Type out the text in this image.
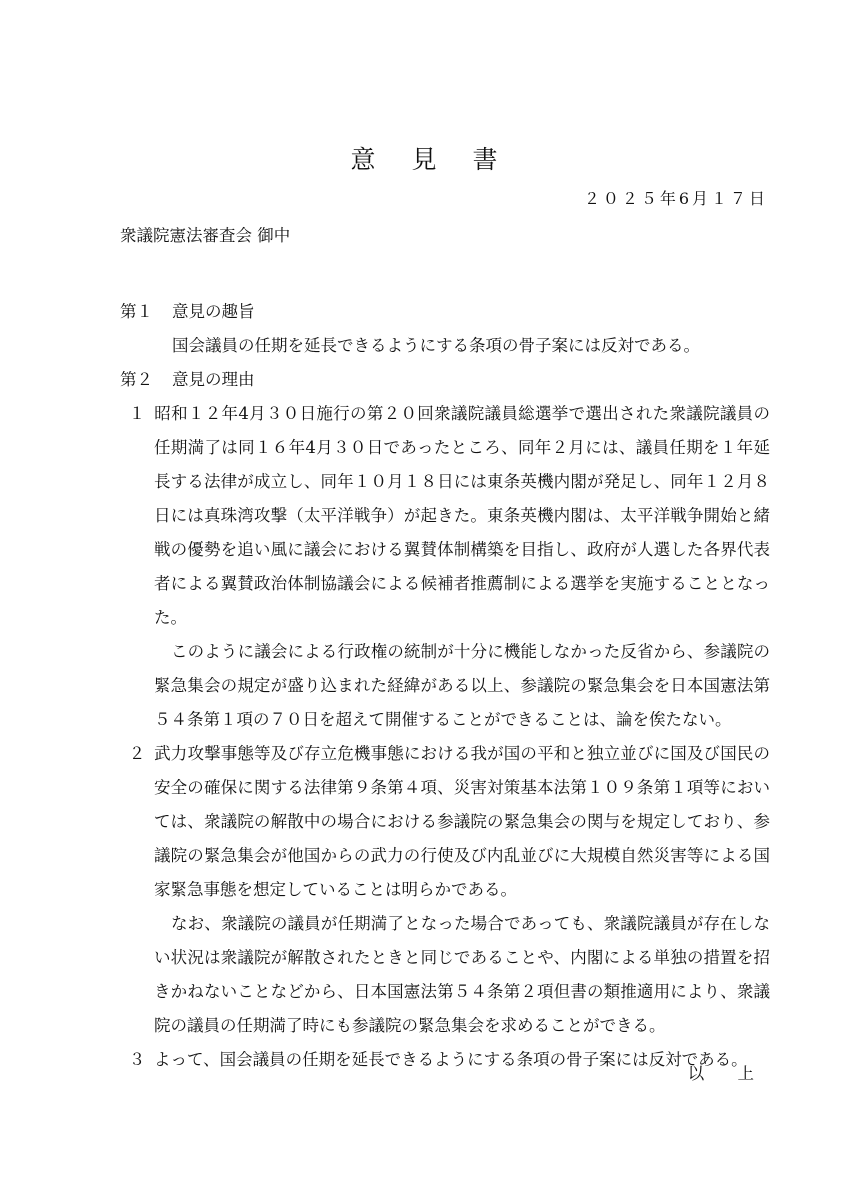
意 見 書
２０２５年6月１７日
衆議院憲法審査会 御中
第１ 意見の趣旨
国会議員の任期を延長できるようにする条項の骨子案には反対である。
第２ 意見の理由
１ 昭和１２年4月３０日施行の第２０回衆議院議員総選挙で選出された衆議院議員の任期満了は同１６年4月３０日であったところ、同年２月には、議員任期を１年延長する法律が成立し、同年１０月１８日には東条英機内閣が発足し、同年１２月８日には真珠湾攻撃（太平洋戦争）が起きた。東条英機内閣は、太平洋戦争開始と緒戦の優勢を追い風に議会における翼賛体制構築を目指し、政府が人選した各界代表者による翼賛政治体制協議会による候補者推薦制による選挙を実施することとなった。
このように議会による行政権の統制が十分に機能しなかった反省から、参議院の緊急集会の規定が盛り込まれた経緯がある以上、参議院の緊急集会を日本国憲法第５４条第１項の７０日を超えて開催することができることは、論を俟たない。
２ 武力攻撃事態等及び存立危機事態における我が国の平和と独立並びに国及び国民の安全の確保に関する法律第９条第４項、災害対策基本法第１０９条第１項等においては、衆議院の解散中の場合における参議院の緊急集会の関与を規定しており、参議院の緊急集会が他国からの武力の行使及び内乱並びに大規模自然災害等による国家緊急事態を想定していることは明らかである。
なお、衆議院の議員が任期満了となった場合であっても、衆議院議員が存在しない状況は衆議院が解散されたときと同じであることや、内閣による単独の措置を招きかねないことなどから、日本国憲法第５４条第２項但書の類推適用により、衆議院の議員の任期満了時にも参議院の緊急集会を求めることができる。
３ よって、国会議員の任期を延長できるようにする条項の骨子案には反対である。
以 上
